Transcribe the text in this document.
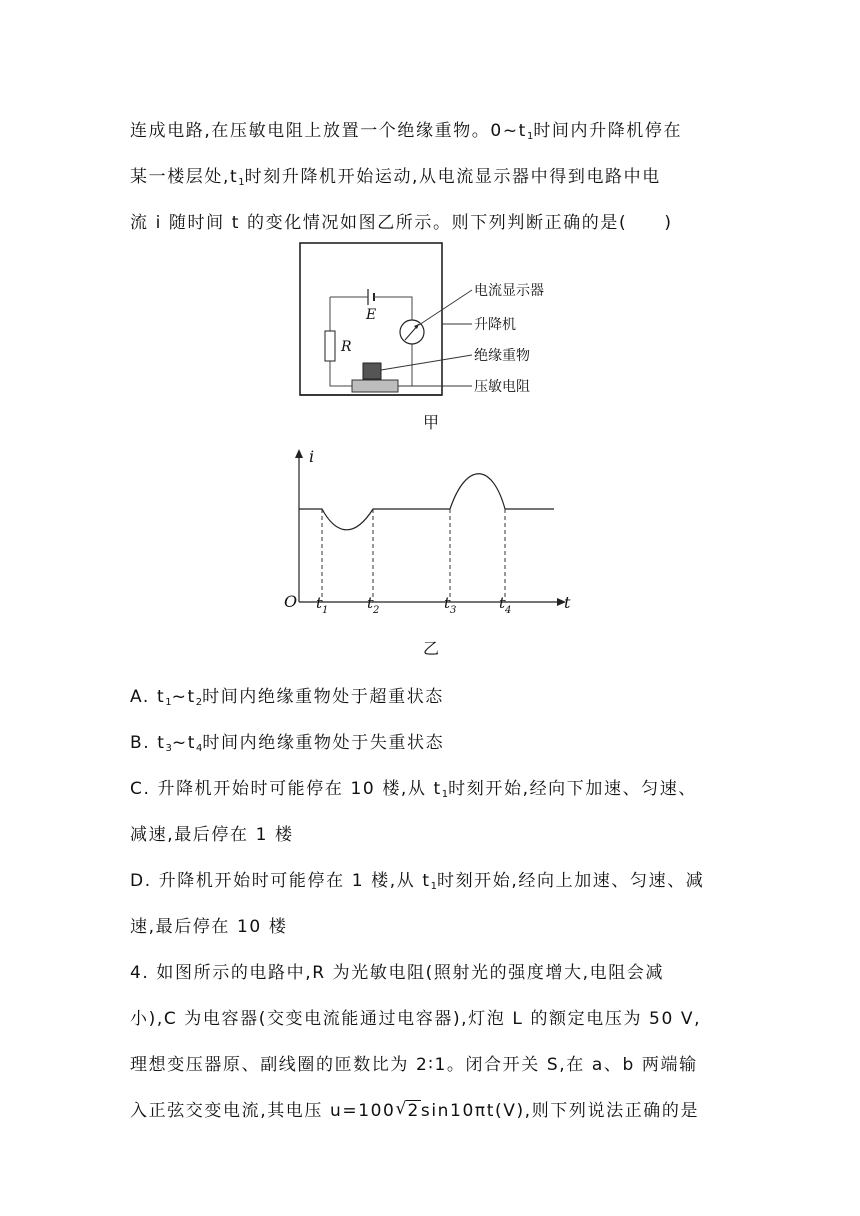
连成电路,在压敏电阻上放置一个绝缘重物。$0\sim t_1$时间内升降机停在
某一楼层处$,t_1$时刻升降机开始运动,从电流显示器中得到电路中电
流 i 随时间 t 的变化情况如图乙所示。则下列判断正确的是(　　)
E
R
电流显示器
升降机
绝缘重物
压敏电阻
甲
i
t
O $t_1$	$t_2$	$t_3$	$t_4$
乙
A. $t_1\sim t_2$时间内绝缘重物处于超重状态
B. $t_3\sim t_4$时间内绝缘重物处于失重状态
C. 升降机开始时可能停在 10 楼,从 $t_1$时刻开始,经向下加速、匀速、
减速,最后停在 1 楼
D. 升降机开始时可能停在 1 楼,从 $t_1$时刻开始,经向上加速、匀速、减
速,最后停在 10 楼
4. 如图所示的电路中,R 为光敏电阻(照射光的强度增大,电阻会减
小),C 为电容器(交变电流能通过电容器),灯泡 L 的额定电压为 50 V,
理想变压器原、副线圈的匝数比为 2∶1。闭合开关 S,在 a、b 两端输
入正弦交变电流,其电压 u=100√ 2sin10πt(V),则下列说法正确的是
